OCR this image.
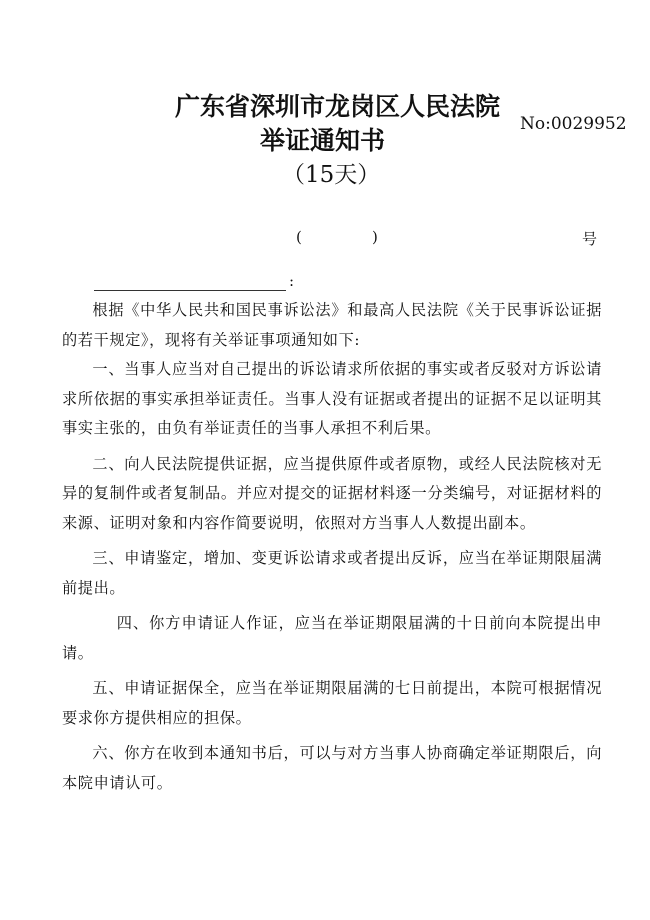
广东省深圳市龙岗区人民法院
举证通知书
（15天）
No:0029952
(	)	号
:

根据《中华人民共和国民事诉讼法》和最高人民法院《关于民事诉讼证据的若干规定》，现将有关举证事项通知如下:

一、当事人应当对自己提出的诉讼请求所依据的事实或者反驳对方诉讼请求所依据的事实承担举证责任。当事人没有证据或者提出的证据不足以证明其事实主张的，由负有举证责任的当事人承担不利后果。

二、向人民法院提供证据，应当提供原件或者原物，或经人民法院核对无异的复制件或者复制品。并应对提交的证据材料逐一分类编号，对证据材料的来源、证明对象和内容作简要说明，依照对方当事人人数提出副本。

三、申请鉴定，增加、变更诉讼请求或者提出反诉，应当在举证期限届满前提出。

四、你方申请证人作证，应当在举证期限届满的十日前向本院提出申请。

五、申请证据保全，应当在举证期限届满的七日前提出，本院可根据情况要求你方提供相应的担保。

六、你方在收到本通知书后，可以与对方当事人协商确定举证期限后，向本院申请认可。
